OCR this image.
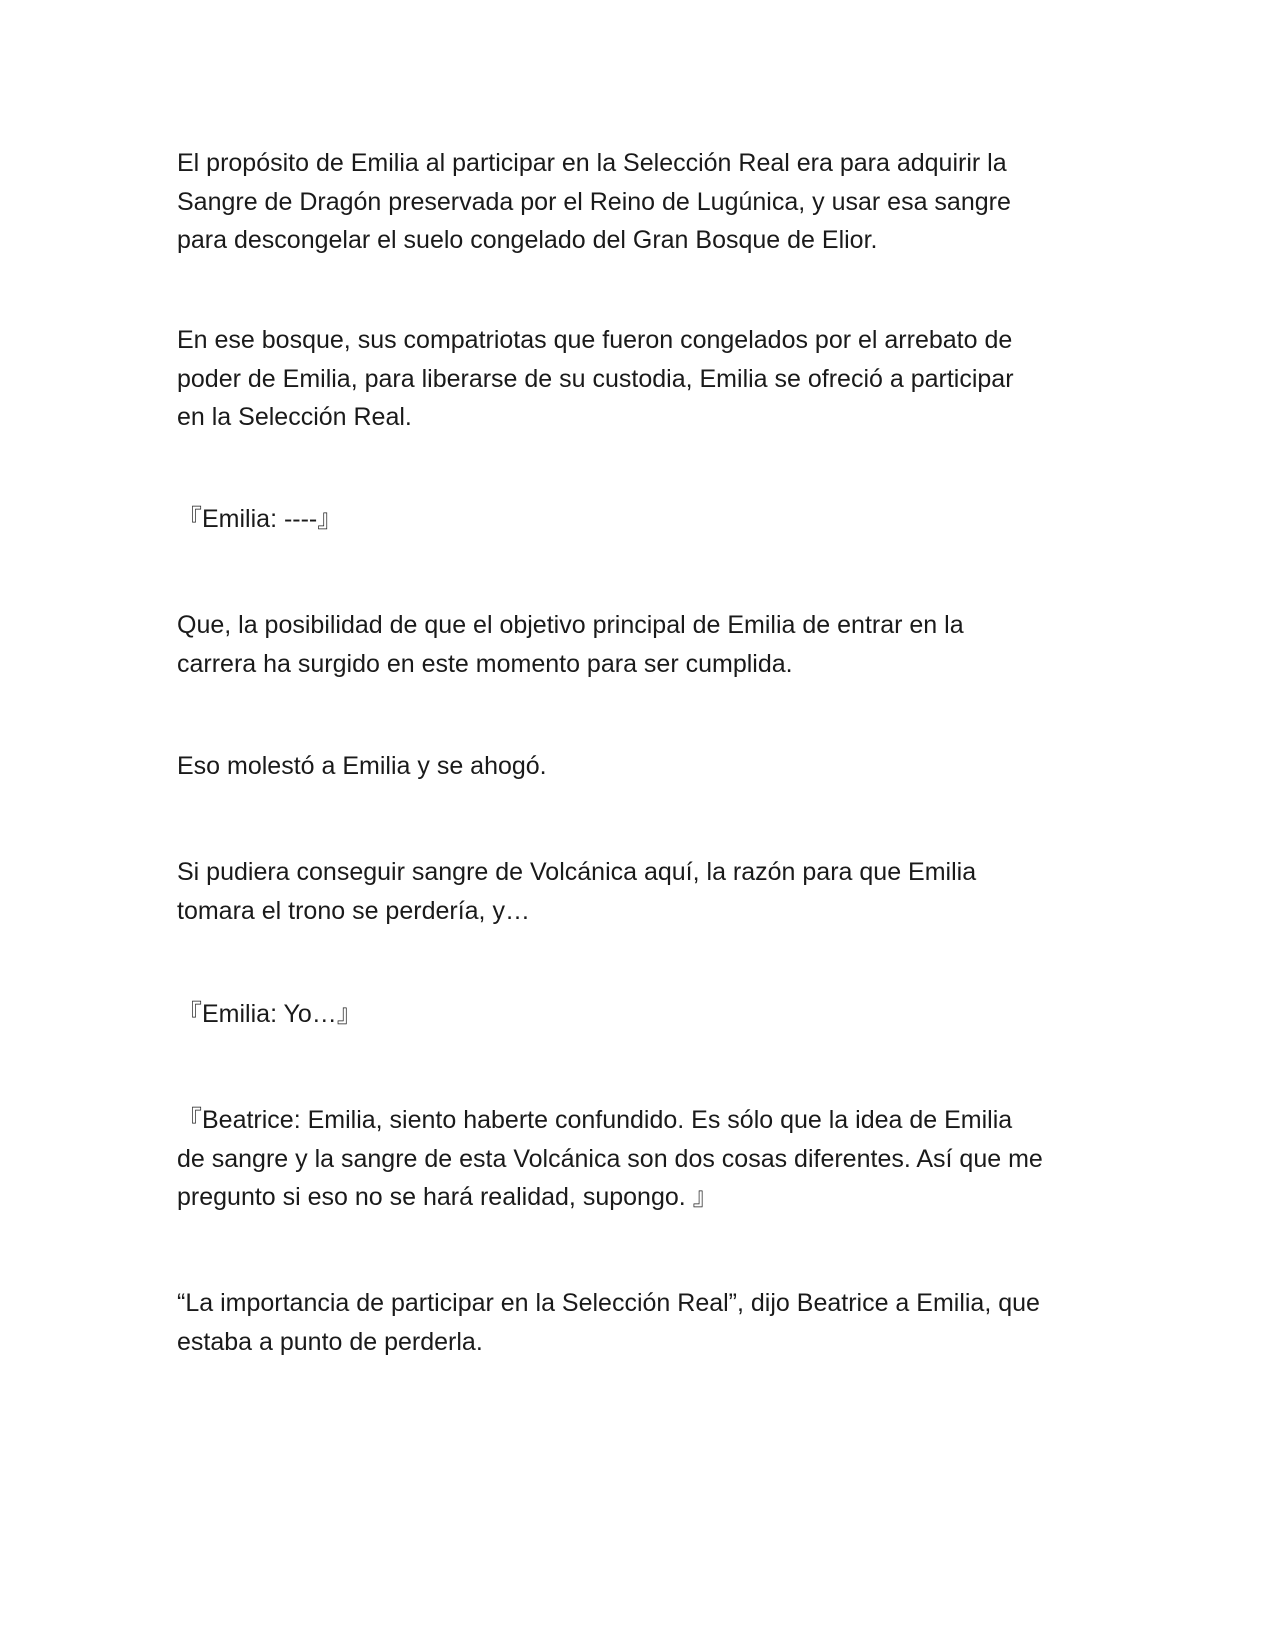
El propósito de Emilia al participar en la Selección Real era para adquirir la
Sangre de Dragón preservada por el Reino de Lugúnica, y usar esa sangre
para descongelar el suelo congelado del Gran Bosque de Elior.

En ese bosque, sus compatriotas que fueron congelados por el arrebato de
poder de Emilia, para liberarse de su custodia, Emilia se ofreció a participar
en la Selección Real.

『Emilia: ----』

Que, la posibilidad de que el objetivo principal de Emilia de entrar en la
carrera ha surgido en este momento para ser cumplida.

Eso molestó a Emilia y se ahogó.

Si pudiera conseguir sangre de Volcánica aquí, la razón para que Emilia
tomara el trono se perdería, y…

『Emilia: Yo…』

『Beatrice: Emilia, siento haberte confundido. Es sólo que la idea de Emilia
de sangre y la sangre de esta Volcánica son dos cosas diferentes. Así que me
pregunto si eso no se hará realidad, supongo. 』

“La importancia de participar en la Selección Real”, dijo Beatrice a Emilia, que
estaba a punto de perderla.
